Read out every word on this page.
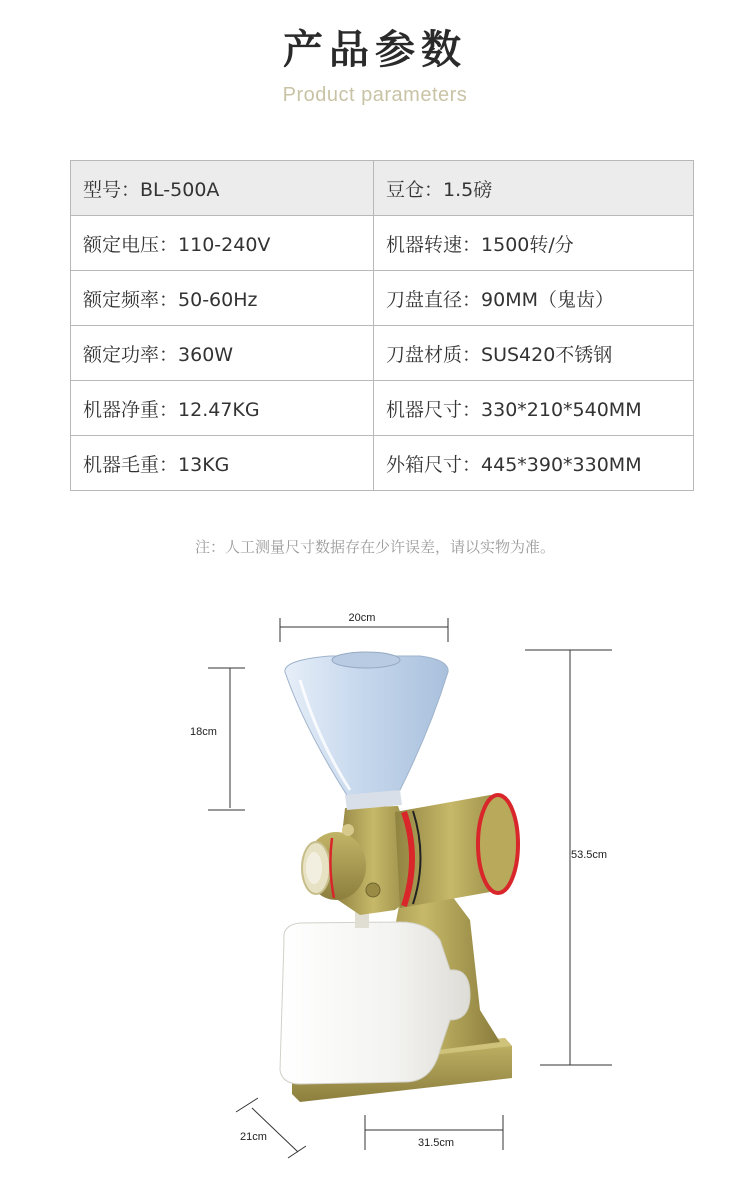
产品参数
Product parameters
型号：BL-500A	豆仓：1.5磅
额定电压：110-240V	机器转速：1500转/分
额定频率：50-60Hz	刀盘直径：90MM（鬼齿）
额定功率：360W	刀盘材质：SUS420不锈钢
机器净重：12.47KG	机器尺寸：330*210*540MM
机器毛重：13KG	外箱尺寸：445*390*330MM
注：人工测量尺寸数据存在少许误差，请以实物为准。
20cm
18cm
53.5cm
21cm	31.5cm
